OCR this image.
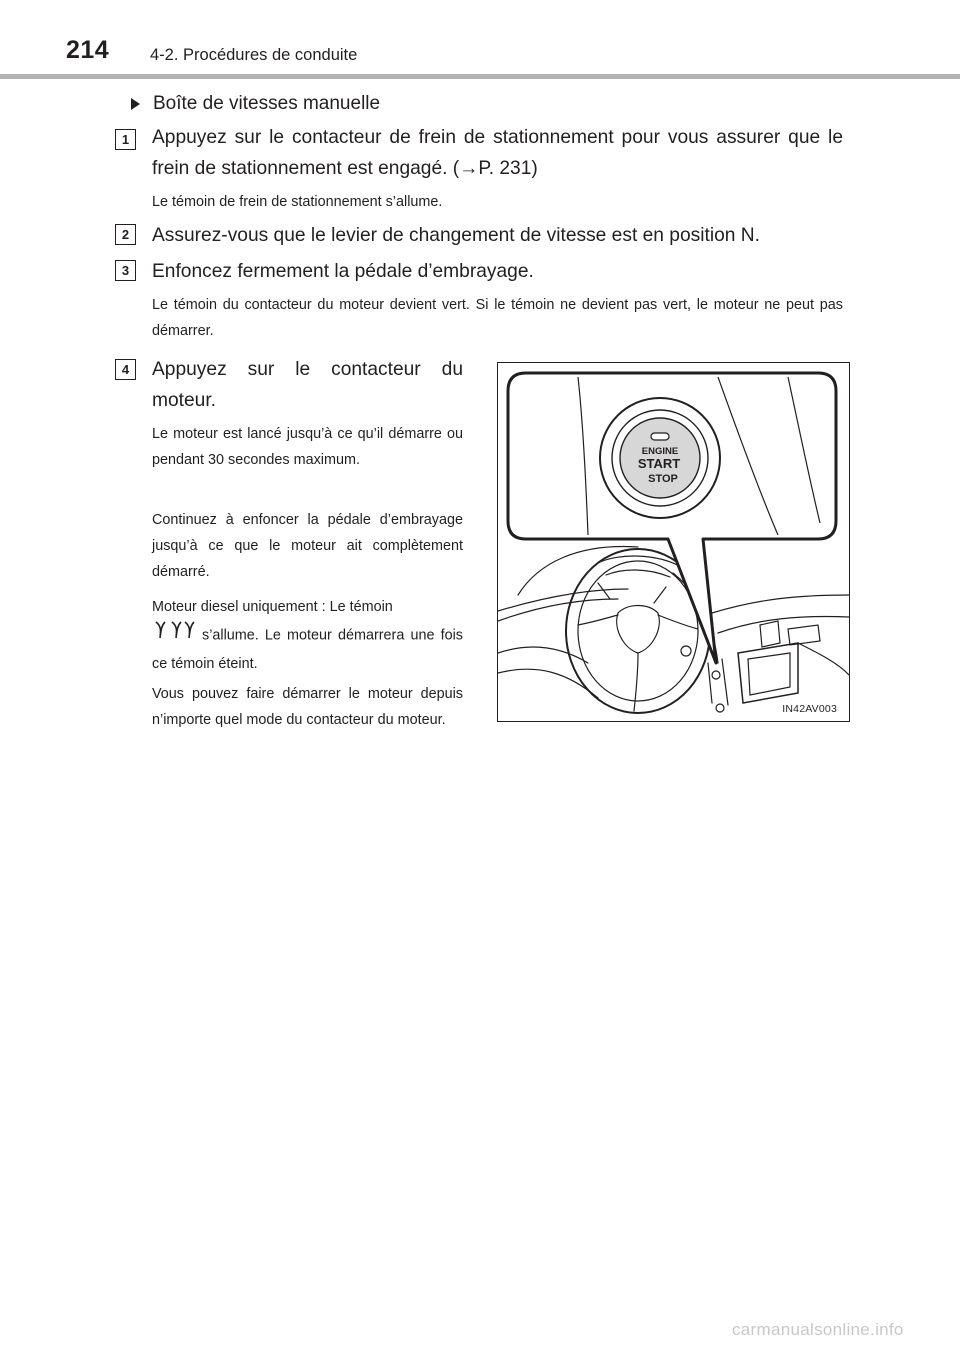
214 4-2. Procédures de conduite
Boîte de vitesses manuelle
1	Appuyez sur le contacteur de frein de stationnement pour vous assurer que le frein de stationnement est engagé. (→P. 231)
Le témoin de frein de stationnement s’allume.
2	Assurez-vous que le levier de changement de vitesse est en position N.
3	Enfoncez fermement la pédale d’embrayage.
Le témoin du contacteur du moteur devient vert. Si le témoin ne devient pas vert, le moteur ne peut pas démarrer.
4	Appuyez sur le contacteur du moteur.
Le moteur est lancé jusqu’à ce qu’il démarre ou pendant 30 secondes maximum.
Continuez à enfoncer la pédale d’embrayage jusqu’à ce que le moteur ait complètement démarré.
Moteur diesel uniquement : Le témoin
s’allume. Le moteur démarrera une fois ce témoin éteint.
Vous pouvez faire démarrer le moteur depuis n’importe quel mode du contacteur du moteur.
ENGINE
START
STOP
IN42AV003
carmanualsonline.info
